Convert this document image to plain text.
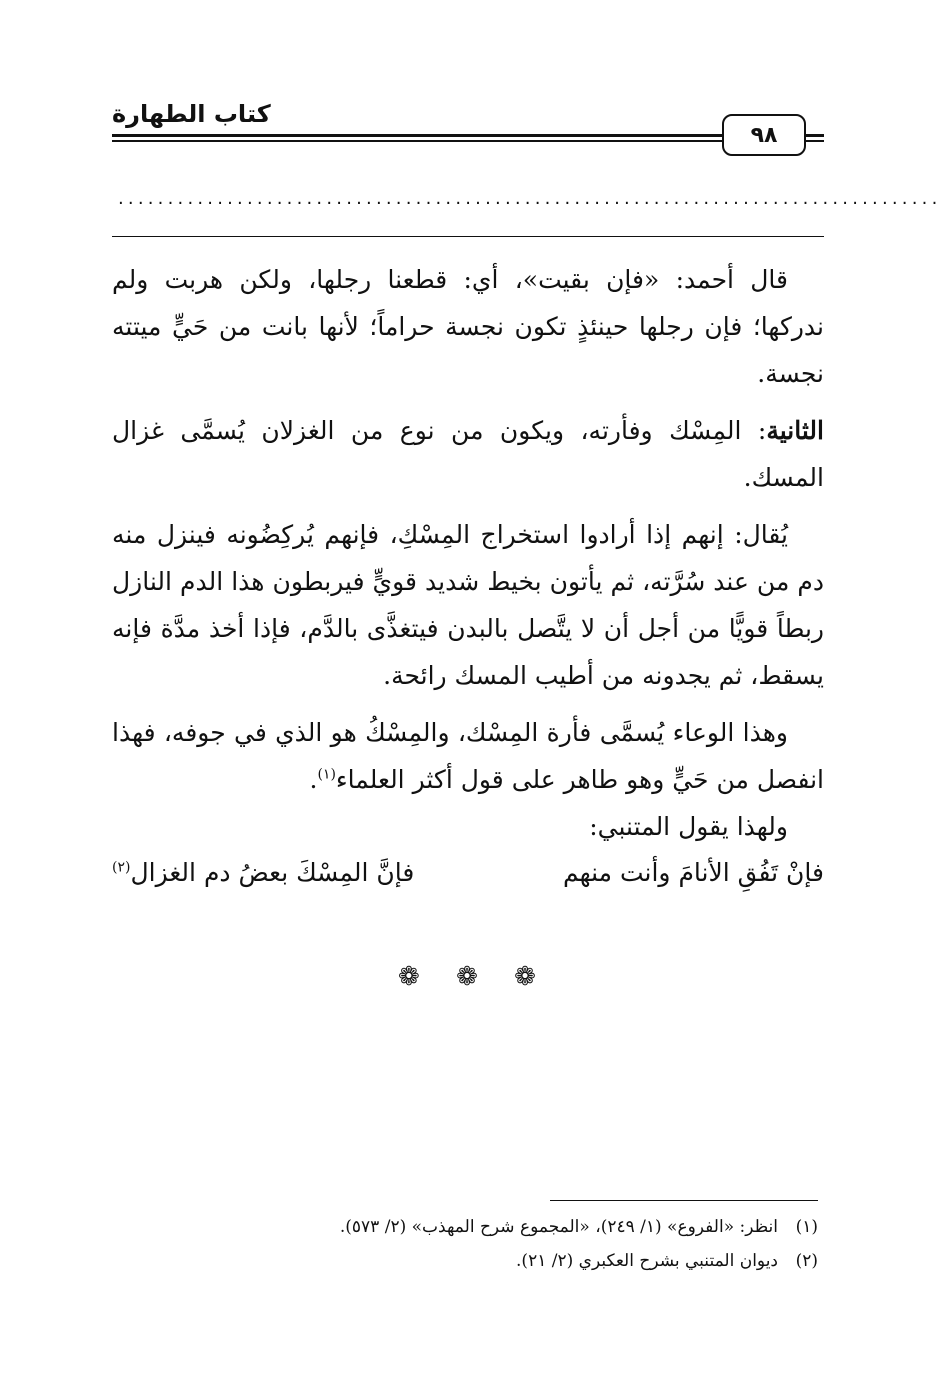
كتاب الطهارة
٩٨
...................................................................................

قال أحمد: «فإن بقيت»، أي: قطعنا رجلها، ولكن هربت ولم ندركها؛ فإن رجلها حينئذٍ تكون نجسة حراماً؛ لأنها بانت من حَيٍّ ميتته نجسة.

الثانية: المِسْك وفأرته، ويكون من نوع من الغزلان يُسمَّى غزال المسك.

يُقال: إنهم إذا أرادوا استخراج المِسْكِ، فإنهم يُركِضُونه فينزل منه دم من عند سُرَّته، ثم يأتون بخيط شديد قويٍّ فيربطون هذا الدم النازل ربطاً قويًّا من أجل أن لا يتَّصل بالبدن فيتغذَّى بالدَّم، فإذا أخذ مدَّة فإنه يسقط، ثم يجدونه من أطيب المسك رائحة.

وهذا الوعاء يُسمَّى فأرة المِسْك، والمِسْكُ هو الذي في جوفه، فهذا انفصل من حَيٍّ وهو طاهر على قول أكثر العلماء$^{(١)}$.

ولهذا يقول المتنبي:

فإنْ تَفُقِ الأنامَ وأنت منهم
فإنَّ المِسْكَ بعضُ دم الغزال$^{(٢)}$
❁ ❁ ❁
(١)انظر: «الفروع» (١/ ٢٤٩)، «المجموع شرح المهذب» (٢/ ٥٧٣).
(٢)ديوان المتنبي بشرح العكبري (٢/ ٢١).
